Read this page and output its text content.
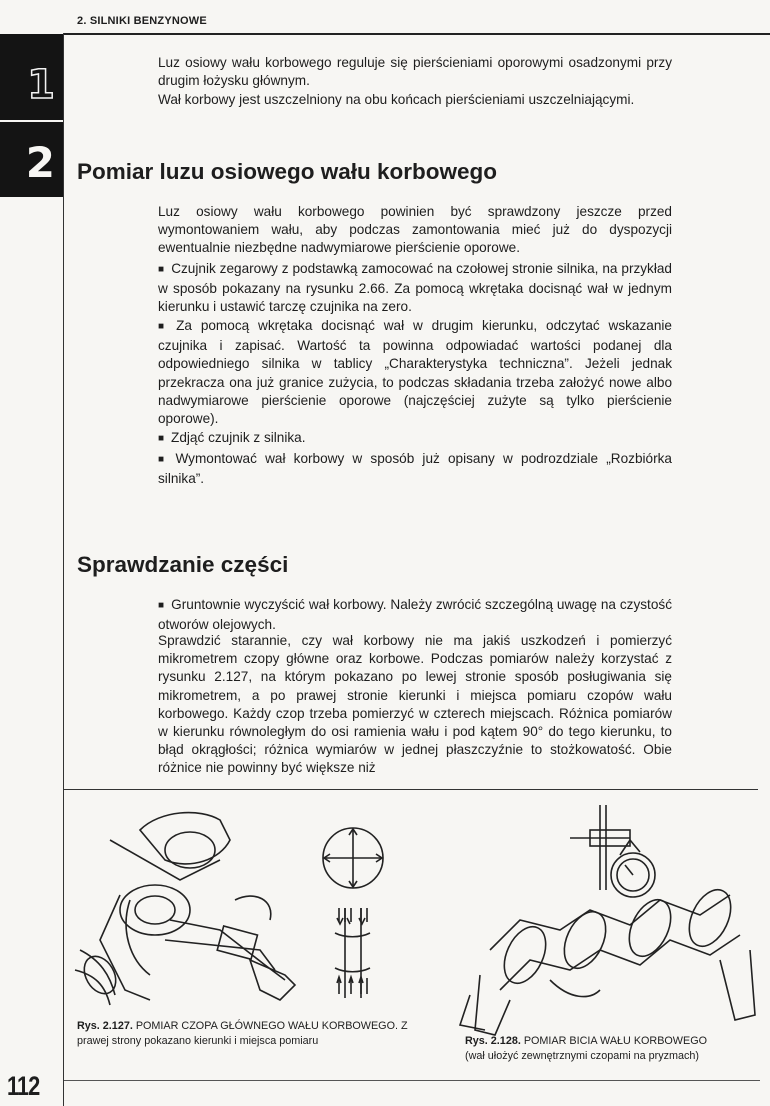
2. SILNIKI BENZYNOWE
1
2

Luz osiowy wału korbowego reguluje się pierścieniami oporowymi osadzonymi przy drugim łożysku głównym.

Wał korbowy jest uszczelniony na obu końcach pierścieniami uszczelniającymi.

Pomiar luzu osiowego wału korbowego

Luz osiowy wału korbowego powinien być sprawdzony jeszcze przed wymontowaniem wału, aby podczas zamontowania mieć już do dyspozycji ewentualnie niezbędne nadwymiarowe pierścienie oporowe.

■ Czujnik zegarowy z podstawką zamocować na czołowej stronie silnika, na przykład w sposób pokazany na rysunku 2.66. Za pomocą wkrętaka docisnąć wał w jednym kierunku i ustawić tarczę czujnika na zero.

■ Za pomocą wkrętaka docisnąć wał w drugim kierunku, odczytać wskazanie czujnika i zapisać. Wartość ta powinna odpowiadać wartości podanej dla odpowiedniego silnika w tablicy „Charakterystyka techniczna”. Jeżeli jednak przekracza ona już granice zużycia, to podczas składania trzeba założyć nowe albo nadwymiarowe pierścienie oporowe (najczęściej zużyte są tylko pierścienie oporowe).

■ Zdjąć czujnik z silnika.

■ Wymontować wał korbowy w sposób już opisany w podrozdziale „Rozbiórka silnika”.

Sprawdzanie części

■ Gruntownie wyczyścić wał korbowy. Należy zwrócić szczególną uwagę na czystość otworów olejowych.

Sprawdzić starannie, czy wał korbowy nie ma jakiś uszkodzeń i pomierzyć mikrometrem czopy główne oraz korbowe. Podczas pomiarów należy korzystać z rysunku 2.127, na którym pokazano po lewej stronie sposób posługiwania się mikrometrem, a po prawej stronie kierunki i miejsca pomiaru czopów wału korbowego. Każdy czop trzeba pomierzyć w czterech miejscach. Różnica pomiarów w kierunku równoległym do osi ramienia wału i pod kątem 90° do tego kierunku, to błąd okrągłości; różnica wymiarów w jednej płaszczyźnie to stożkowatość. Obie różnice nie powinny być większe niż

Rys. 2.127. POMIAR CZOPA GŁÓWNEGO WAŁU KORBOWEGO. Z prawej strony pokazano kierunki i miejsca pomiaru	Rys. 2.128. POMIAR BICIA WAŁU KORBOWEGO
(wał ułożyć zewnętrznymi czopami na pryzmach)

112
